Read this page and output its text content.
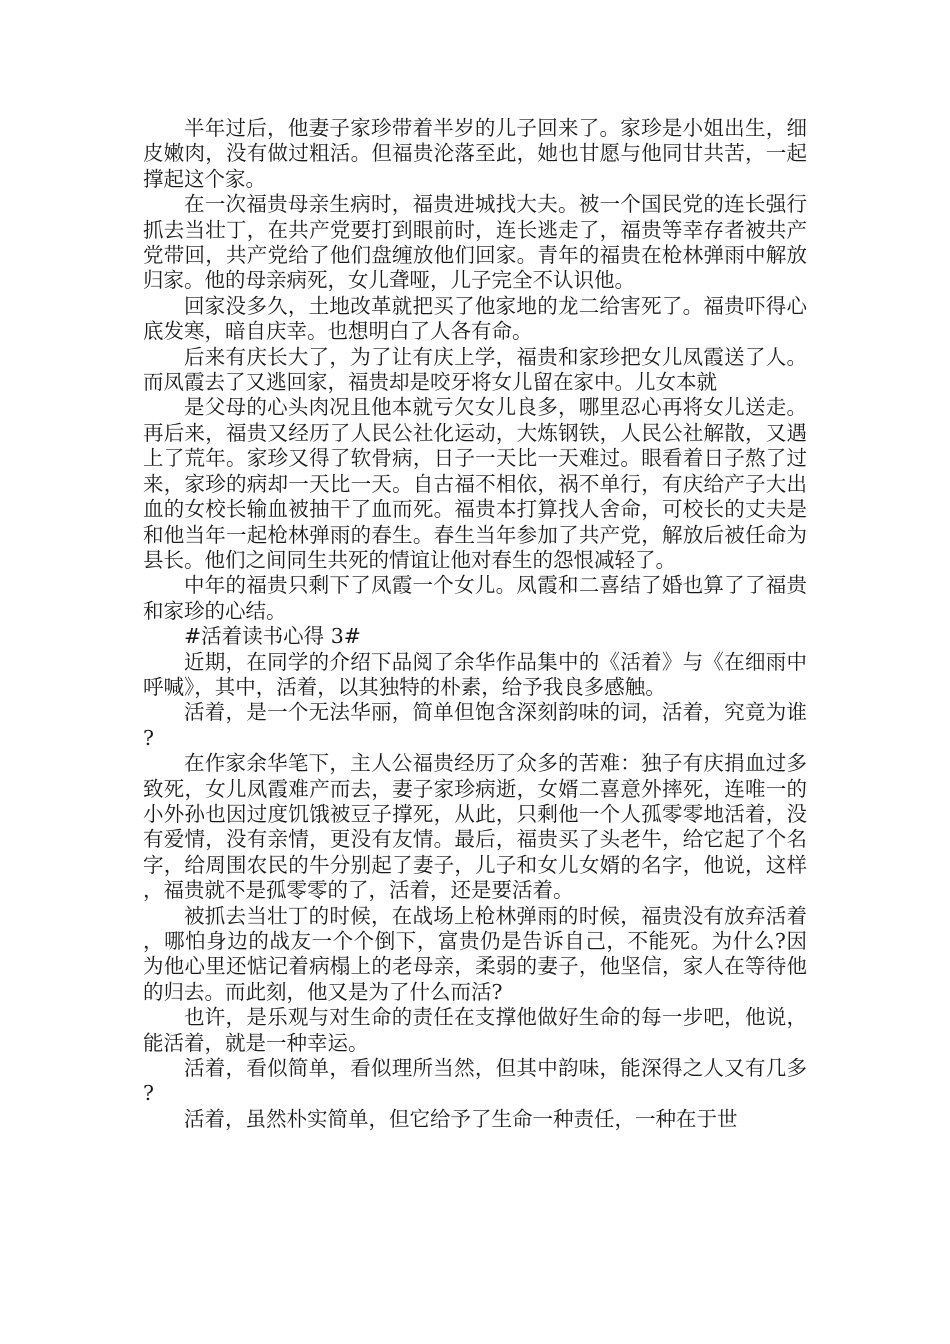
半年过后，他妻子家珍带着半岁的儿子回来了。家珍是小姐出生，细皮嫩肉，没有做过粗活。但福贵沦落至此，她也甘愿与他同甘共苦，一起撑起这个家。

在一次福贵母亲生病时，福贵进城找大夫。被一个国民党的连长强行抓去当壮丁，在共产党要打到眼前时，连长逃走了，福贵等幸存者被共产党带回，共产党给了他们盘缠放他们回家。青年的福贵在枪林弹雨中解放归家。他的母亲病死，女儿聋哑，儿子完全不认识他。

回家没多久，土地改革就把买了他家地的龙二给害死了。福贵吓得心底发寒，暗自庆幸。也想明白了人各有命。

后来有庆长大了，为了让有庆上学，福贵和家珍把女儿凤霞送了人。而凤霞去了又逃回家，福贵却是咬牙将女儿留在家中。儿女本就

是父母的心头肉况且他本就亏欠女儿良多，哪里忍心再将女儿送走。再后来，福贵又经历了人民公社化运动，大炼钢铁，人民公社解散，又遇上了荒年。家珍又得了软骨病，日子一天比一天难过。眼看着日子熬了过来，家珍的病却一天比一天。自古福不相依，祸不单行，有庆给产子大出血的女校长输血被抽干了血而死。福贵本打算找人舍命，可校长的丈夫是和他当年一起枪林弹雨的春生。春生当年参加了共产党，解放后被任命为县长。他们之间同生共死的情谊让他对春生的怨恨减轻了。

中年的福贵只剩下了凤霞一个女儿。凤霞和二喜结了婚也算了了福贵和家珍的心结。

#活着读书心得 3#

近期，在同学的介绍下品阅了余华作品集中的《活着》与《在细雨中呼喊》，其中，活着，以其独特的朴素，给予我良多感触。

活着，是一个无法华丽，简单但饱含深刻韵味的词，活着，究竟为谁?

在作家余华笔下，主人公福贵经历了众多的苦难：独子有庆捐血过多致死，女儿凤霞难产而去，妻子家珍病逝，女婿二喜意外摔死，连唯一的小外孙也因过度饥饿被豆子撑死，从此，只剩他一个人孤零零地活着，没有爱情，没有亲情，更没有友情。最后，福贵买了头老牛，给它起了个名字，给周围农民的牛分别起了妻子，儿子和女儿女婿的名字，他说，这样，福贵就不是孤零零的了，活着，还是要活着。

被抓去当壮丁的时候，在战场上枪林弹雨的时候，福贵没有放弃活着，哪怕身边的战友一个个倒下，富贵仍是告诉自己，不能死。为什么?因为他心里还惦记着病榻上的老母亲，柔弱的妻子，他坚信，家人在等待他的归去。而此刻，他又是为了什么而活?

也许，是乐观与对生命的责任在支撑他做好生命的每一步吧，他说，能活着，就是一种幸运。

活着，看似简单，看似理所当然，但其中韵味，能深得之人又有几多?

活着，虽然朴实简单，但它给予了生命一种责任，一种在于世
